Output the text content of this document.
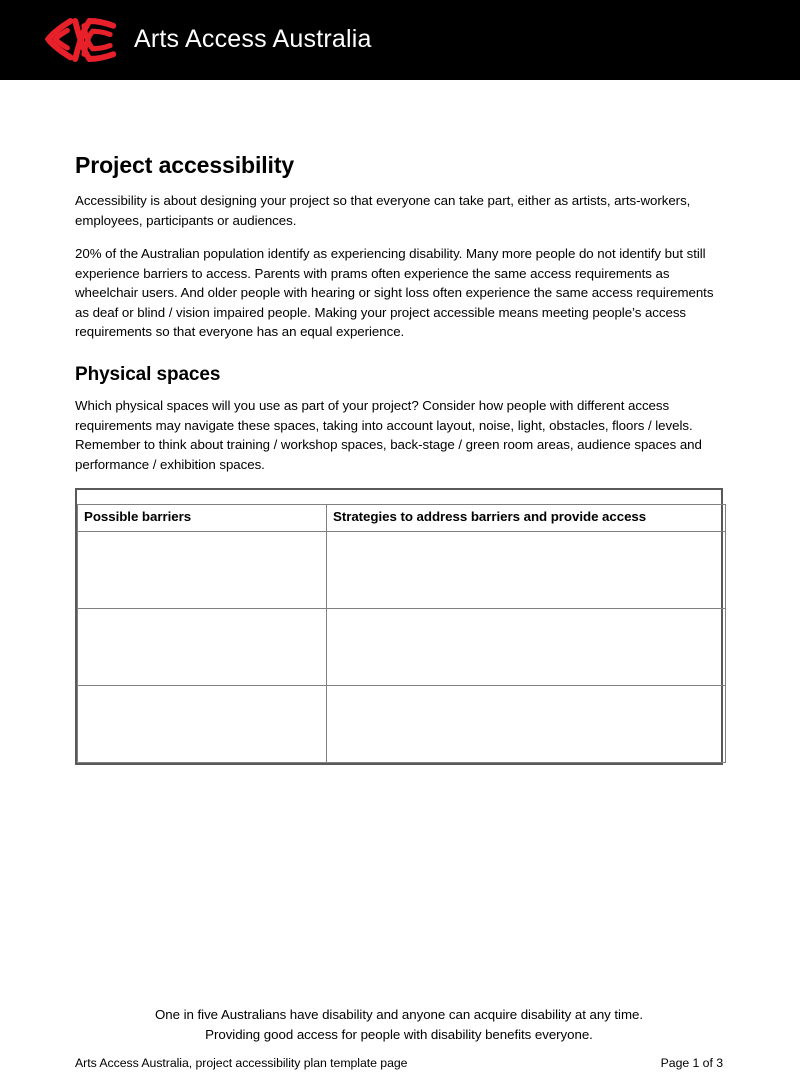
Arts Access Australia
Project accessibility

Accessibility is about designing your project so that everyone can take part, either as artists, arts-workers, employees, participants or audiences.

20% of the Australian population identify as experiencing disability. Many more people do not identify but still experience barriers to access. Parents with prams often experience the same access requirements as wheelchair users. And older people with hearing or sight loss often experience the same access requirements as deaf or blind / vision impaired people. Making your project accessible means meeting people’s access requirements so that everyone has an equal experience.

Physical spaces

Which physical spaces will you use as part of your project? Consider how people with different access requirements may navigate these spaces, taking into account layout, noise, light, obstacles, floors / levels. Remember to think about training / workshop spaces, back-stage / green room areas, audience spaces and performance / exhibition spaces.

Possible barriers	Strategies to address barriers and provide access

One in five Australians have disability and anyone can acquire disability at any time.
Providing good access for people with disability benefits everyone.
Arts Access Australia, project accessibility plan template page	Page 1 of 3
